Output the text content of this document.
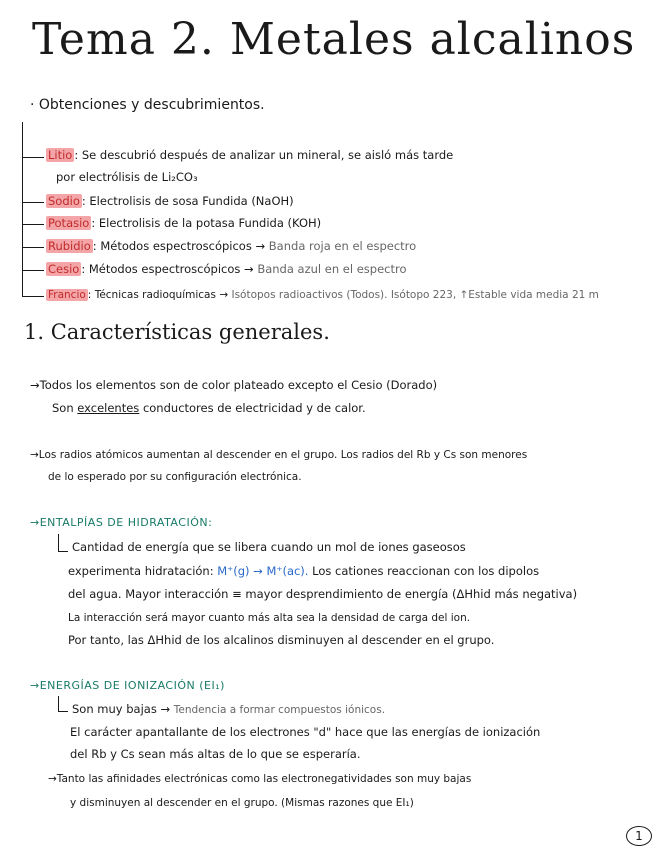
Tema 2. Metales alcalinos
· Obtenciones y descubrimientos.
Litio : Se descubrió después de analizar un mineral, se aisló más tarde
por electrólisis de Li₂CO₃
Sodio : Electrolisis de sosa Fundida (NaOH)
Potasio : Electrolisis de la potasa Fundida (KOH)
Rubidio : Métodos espectroscópicos → Banda roja en el espectro
Cesio : Métodos espectroscópicos → Banda azul en el espectro
Francio : Técnicas radioquímicas → Isótopos radioactivos (Todos). Isótopo 223, ↑Estable vida media 21 m
1. Características generales.
→Todos los elementos son de color plateado excepto el Cesio (Dorado)
Son excelentes conductores de electricidad y de calor.
→Los radios atómicos aumentan al descender en el grupo. Los radios del Rb y Cs son menores
de lo esperado por su configuración electrónica.
→ENTALPÍAS DE HIDRATACIÓN:
Cantidad de energía que se libera cuando un mol de iones gaseosos
experimenta hidratación: M⁺(g) → M⁺(ac). Los cationes reaccionan con los dipolos
del agua. Mayor interacción ≡ mayor desprendimiento de energía (ΔHhid más negativa)
La interacción será mayor cuanto más alta sea la densidad de carga del ion.
Por tanto, las ΔHhid de los alcalinos disminuyen al descender en el grupo.
→ENERGÍAS DE IONIZACIÓN (EI₁)
Son muy bajas → Tendencia a formar compuestos iónicos.
El carácter apantallante de los electrones "d" hace que las energías de ionización
del Rb y Cs sean más altas de lo que se esperaría.
→Tanto las afinidades electrónicas como las electronegatividades son muy bajas
y disminuyen al descender en el grupo. (Mismas razones que EI₁)
1
